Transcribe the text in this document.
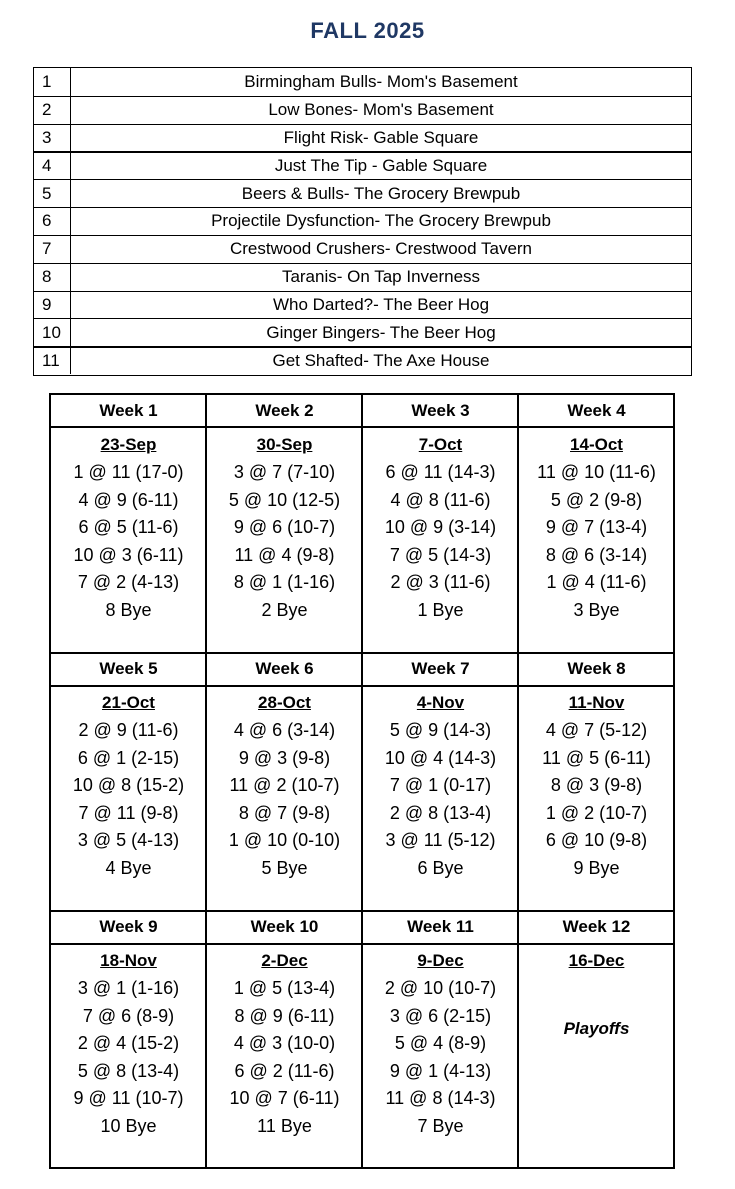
FALL 2025
1	Birmingham Bulls- Mom's Basement
2	Low Bones- Mom's Basement
3	Flight Risk- Gable Square
4	Just The Tip - Gable Square
5	Beers & Bulls- The Grocery Brewpub
6	Projectile Dysfunction- The Grocery Brewpub
7	Crestwood Crushers- Crestwood Tavern
8	Taranis- On Tap Inverness
9	Who Darted?- The Beer Hog
10	Ginger Bingers- The Beer Hog
11	Get Shafted- The Axe House
Week 1
23-Sep
1 @ 11 (17-0)
4 @ 9 (6-11)
6 @ 5 (11-6)
10 @ 3 (6-11)
7 @ 2 (4-13)
8 Bye
Week 2
30-Sep
3 @ 7 (7-10)
5 @ 10 (12-5)
9 @ 6 (10-7)
11 @ 4 (9-8)
8 @ 1 (1-16)
2 Bye
Week 3
7-Oct
6 @ 11 (14-3)
4 @ 8 (11-6)
10 @ 9 (3-14)
7 @ 5 (14-3)
2 @ 3 (11-6)
1 Bye
Week 4
14-Oct
11 @ 10 (11-6)
5 @ 2 (9-8)
9 @ 7 (13-4)
8 @ 6 (3-14)
1 @ 4 (11-6)
3 Bye
Week 5
21-Oct
2 @ 9 (11-6)
6 @ 1 (2-15)
10 @ 8 (15-2)
7 @ 11 (9-8)
3 @ 5 (4-13)
4 Bye
Week 6
28-Oct
4 @ 6 (3-14)
9 @ 3 (9-8)
11 @ 2 (10-7)
8 @ 7 (9-8)
1 @ 10 (0-10)
5 Bye
Week 7
4-Nov
5 @ 9 (14-3)
10 @ 4 (14-3)
7 @ 1 (0-17)
2 @ 8 (13-4)
3 @ 11 (5-12)
6 Bye
Week 8
11-Nov
4 @ 7 (5-12)
11 @ 5 (6-11)
8 @ 3 (9-8)
1 @ 2 (10-7)
6 @ 10 (9-8)
9 Bye
Week 9
18-Nov
3 @ 1 (1-16)
7 @ 6 (8-9)
2 @ 4 (15-2)
5 @ 8 (13-4)
9 @ 11 (10-7)
10 Bye
Week 10
2-Dec
1 @ 5 (13-4)
8 @ 9 (6-11)
4 @ 3 (10-0)
6 @ 2 (11-6)
10 @ 7 (6-11)
11 Bye
Week 11
9-Dec
2 @ 10 (10-7)
3 @ 6 (2-15)
5 @ 4 (8-9)
9 @ 1 (4-13)
11 @ 8 (14-3)
7 Bye
Week 12
16-Dec
Playoffs
